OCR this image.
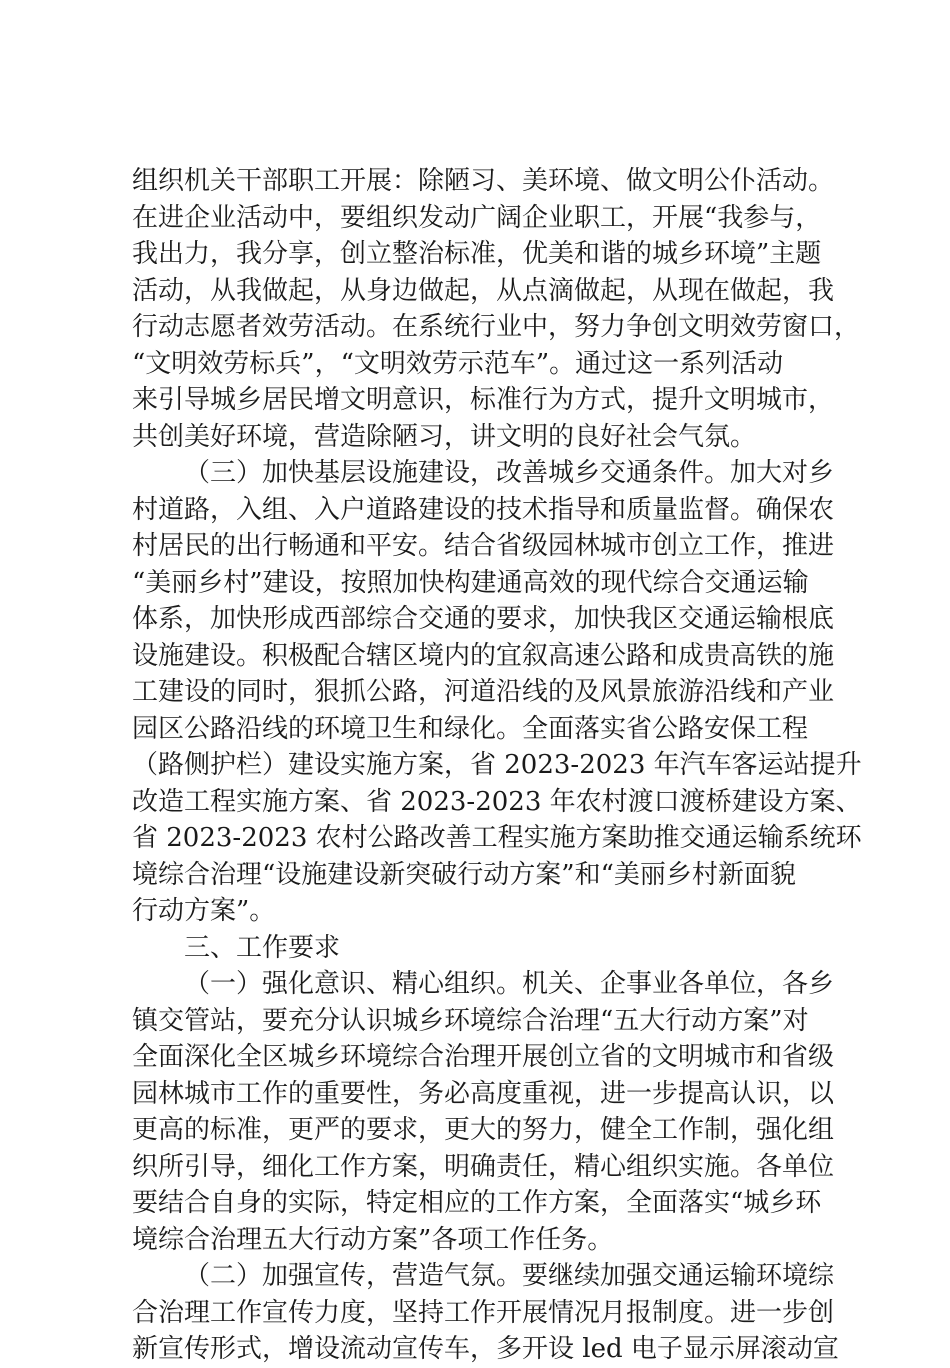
组织机关干部职工开展：除陋习、美环境、做文明公仆活动。
在进企业活动中，要组织发动广阔企业职工，开展“我参与，
我出力，我分享，创立整治标准，优美和谐的城乡环境”主题
活动，从我做起，从身边做起，从点滴做起，从现在做起，我
行动志愿者效劳活动。在系统行业中，努力争创文明效劳窗口，
“文明效劳标兵”，“文明效劳示范车”。通过这一系列活动
来引导城乡居民增文明意识，标准行为方式，提升文明城市，
共创美好环境，营造除陋习，讲文明的良好社会气氛。
（三）加快基层设施建设，改善城乡交通条件。加大对乡
村道路，入组、入户道路建设的技术指导和质量监督。确保农
村居民的出行畅通和平安。结合省级园林城市创立工作，推进
“美丽乡村”建设，按照加快构建通高效的现代综合交通运输
体系，加快形成西部综合交通的要求，加快我区交通运输根底
设施建设。积极配合辖区境内的宜叙高速公路和成贵高铁的施
工建设的同时，狠抓公路，河道沿线的及风景旅游沿线和产业
园区公路沿线的环境卫生和绿化。全面落实省公路安保工程
（路侧护栏）建设实施方案，省 2023-2023 年汽车客运站提升
改造工程实施方案、省 2023-2023 年农村渡口渡桥建设方案、
省 2023-2023 农村公路改善工程实施方案助推交通运输系统环
境综合治理“设施建设新突破行动方案”和“美丽乡村新面貌
行动方案”。
三、工作要求
（一）强化意识、精心组织。机关、企事业各单位，各乡
镇交管站，要充分认识城乡环境综合治理“五大行动方案”对
全面深化全区城乡环境综合治理开展创立省的文明城市和省级
园林城市工作的重要性，务必高度重视，进一步提高认识，以
更高的标准，更严的要求，更大的努力，健全工作制，强化组
织所引导，细化工作方案，明确责任，精心组织实施。各单位
要结合自身的实际，特定相应的工作方案，全面落实“城乡环
境综合治理五大行动方案”各项工作任务。
（二）加强宣传，营造气氛。要继续加强交通运输环境综
合治理工作宣传力度，坚持工作开展情况月报制度。进一步创
新宣传形式，增设流动宣传车，多开设 led 电子显示屏滚动宣
